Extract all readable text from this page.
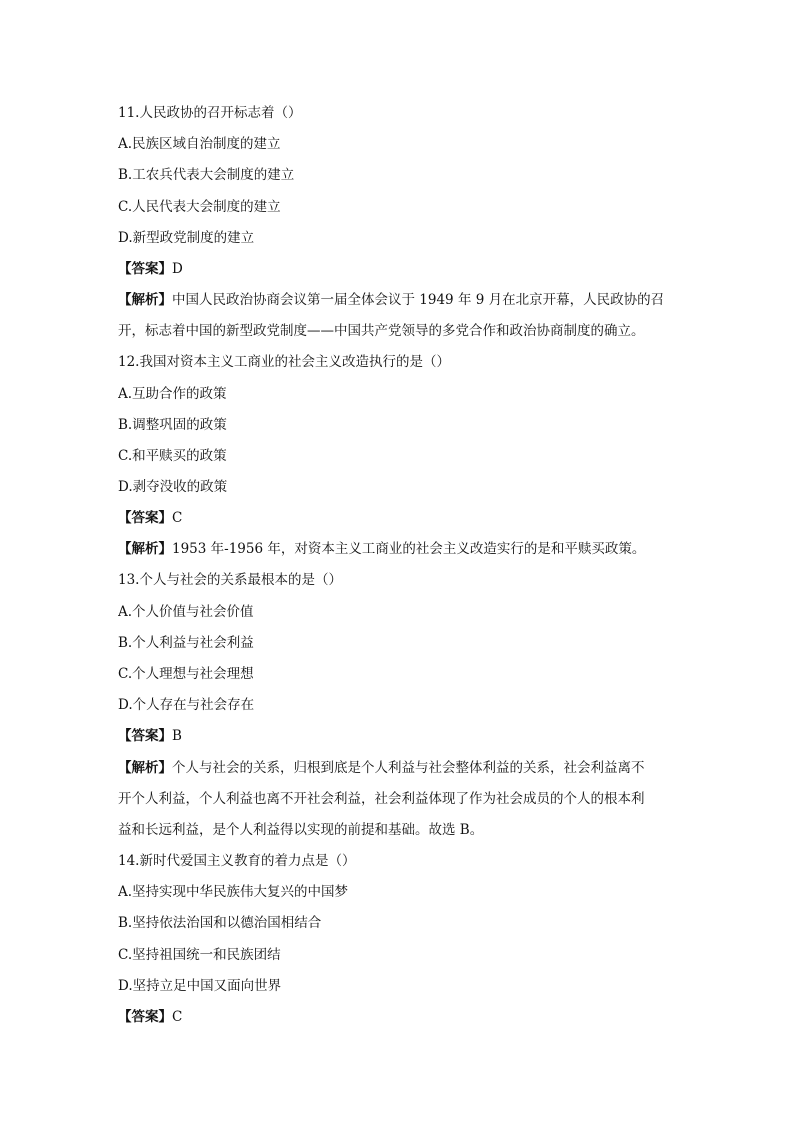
11.人民政协的召开标志着（）
A.民族区域自治制度的建立
B.工农兵代表大会制度的建立
C.人民代表大会制度的建立
D.新型政党制度的建立
【答案】D
【解析】中国人民政治协商会议第一届全体会议于 1949 年 9 月在北京开幕，人民政协的召
开，标志着中国的新型政党制度——中国共产党领导的多党合作和政治协商制度的确立。
12.我国对资本主义工商业的社会主义改造执行的是（）
A.互助合作的政策
B.调整巩固的政策
C.和平赎买的政策
D.剥夺没收的政策
【答案】C
【解析】1953 年-1956 年，对资本主义工商业的社会主义改造实行的是和平赎买政策。
13.个人与社会的关系最根本的是（）
A.个人价值与社会价值
B.个人利益与社会利益
C.个人理想与社会理想
D.个人存在与社会存在
【答案】B
【解析】个人与社会的关系，归根到底是个人利益与社会整体利益的关系，社会利益离不
开个人利益，个人利益也离不开社会利益，社会利益体现了作为社会成员的个人的根本利
益和长远利益，是个人利益得以实现的前提和基础。故选 B。
14.新时代爱国主义教育的着力点是（）
A.坚持实现中华民族伟大复兴的中国梦
B.坚持依法治国和以德治国相结合
C.坚持祖国统一和民族团结
D.坚持立足中国又面向世界
【答案】C
